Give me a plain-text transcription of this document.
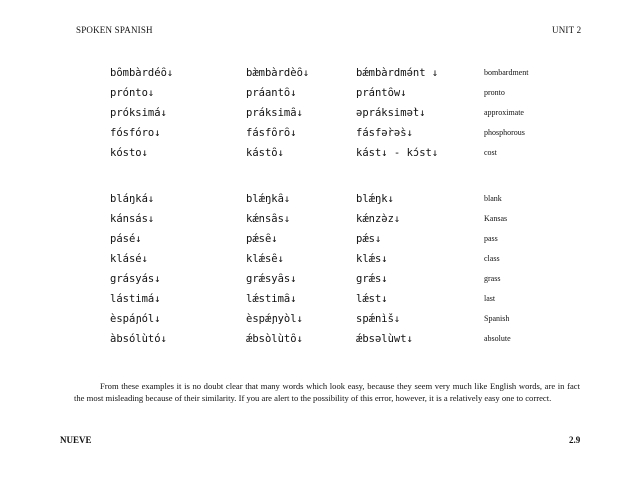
SPOKEN SPANISH	UNIT 2
bȏmbàrdéȏ↓	bæ̀mbàrdèȏ↓	bǽmbàrdmə́nt ↓	bombardment
prónto↓	práantȏ↓	prántȏw↓	pronto
próksimá↓	práksimȃ↓	əpráksimǝ̀t↓	approximate
fósfóro↓	fásfȏrȏ↓	fásfǝ̀rǝ̀s↓	phosphorous
kósto↓	kástȏ↓	kást↓ - kɔ́st↓	cost
bláŋká↓	blǽŋkȃ↓	blǽŋk↓	blank
kánsás↓	kǽnsȃs↓	kǽnzə̀z↓	Kansas
pásé↓	pǽsȇ↓	pǽs↓	pass
klásé↓	klǽsȇ↓	klǽs↓	class
grásyás↓	grǽsyȃs↓	grǽs↓	grass
lástimá↓	lǽstimȃ↓	lǽst↓	last
èspáɲól↓	èspǽɲyòl↓	spǽnìš↓	Spanish
àbsólùtó↓	ǽbsòlùtȏ↓	ǽbsəlùwt↓	absolute

From these examples it is no doubt clear that many words which look easy, because they seem very much like English words, are in fact the most misleading because of their similarity. If you are alert to the possibility of this error, however, it is a relatively easy one to correct.

NUEVE	2.9
